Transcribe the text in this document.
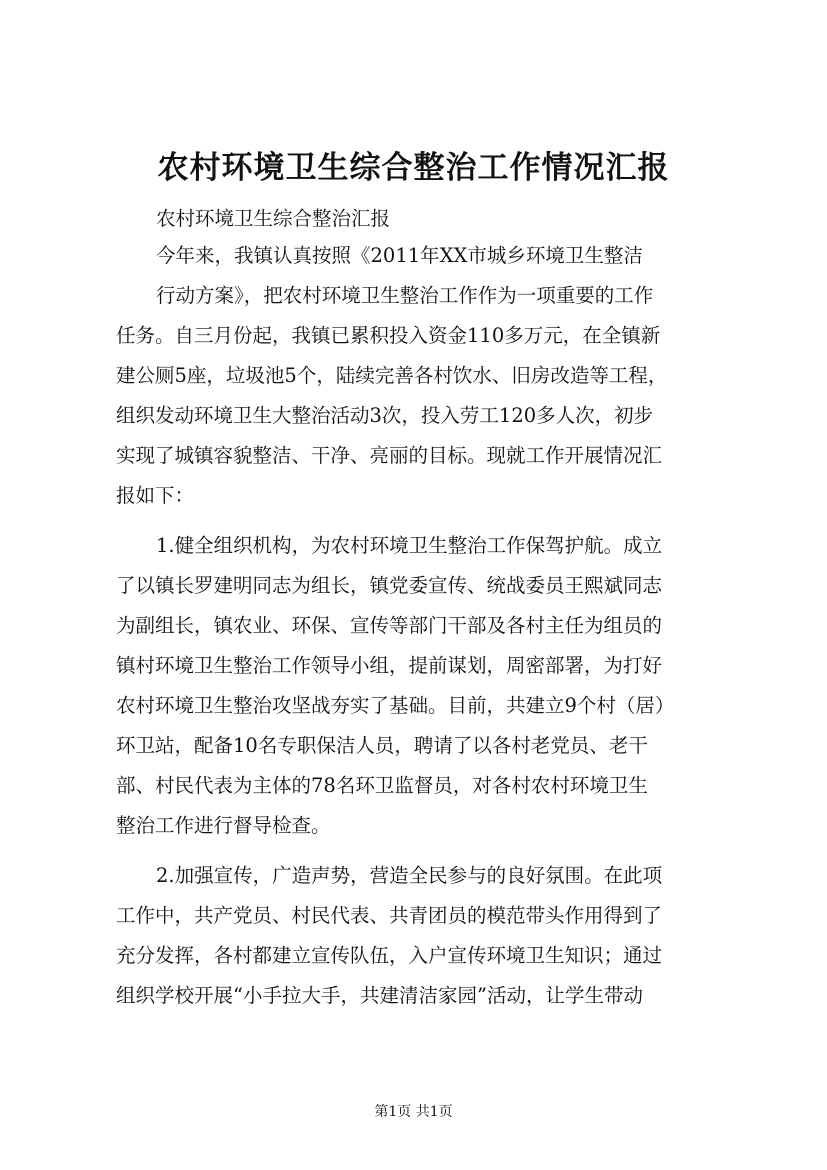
农村环境卫生综合整治工作情况汇报
农村环境卫生综合整治汇报
今年来，我镇认真按照《2011年XX市城乡环境卫生整洁
行动方案》，把农村环境卫生整治工作作为一项重要的工作
任务。自三月份起，我镇已累积投入资金110多万元，在全镇新
建公厕5座，垃圾池5个，陆续完善各村饮水、旧房改造等工程，
组织发动环境卫生大整治活动3次，投入劳工120多人次，初步
实现了城镇容貌整洁、干净、亮丽的目标。现就工作开展情况汇
报如下：
1.健全组织机构，为农村环境卫生整治工作保驾护航。成立
了以镇长罗建明同志为组长，镇党委宣传、统战委员王熙斌同志
为副组长，镇农业、环保、宣传等部门干部及各村主任为组员的
镇村环境卫生整治工作领导小组，提前谋划，周密部署，为打好
农村环境卫生整治攻坚战夯实了基础。目前，共建立9个村（居）
环卫站，配备10名专职保洁人员，聘请了以各村老党员、老干
部、村民代表为主体的78名环卫监督员，对各村农村环境卫生
整治工作进行督导检查。
2.加强宣传，广造声势，营造全民参与的良好氛围。在此项
工作中，共产党员、村民代表、共青团员的模范带头作用得到了
充分发挥，各村都建立宣传队伍，入户宣传环境卫生知识；通过
组织学校开展“小手拉大手，共建清洁家园”活动，让学生带动
第1页 共1页
